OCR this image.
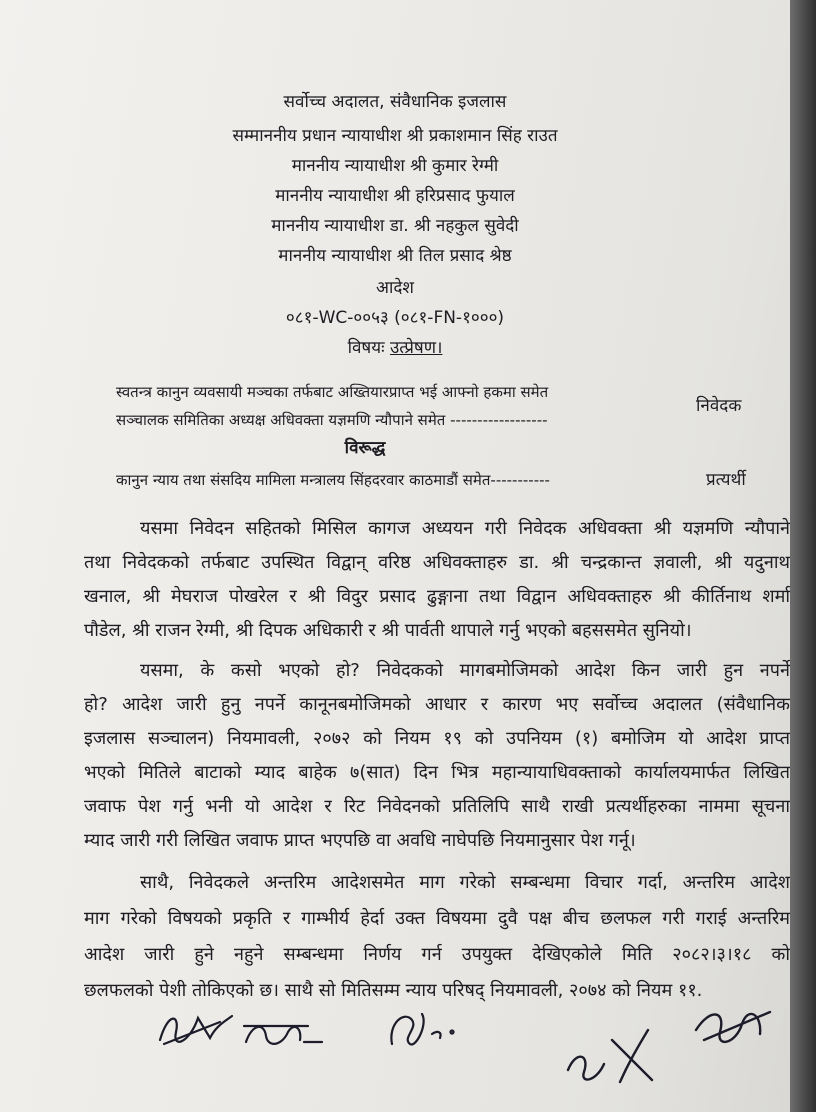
सर्वोच्च अदालत, संवैधानिक इजलास
सम्माननीय प्रधान न्यायाधीश श्री प्रकाशमान सिंह राउत
माननीय न्यायाधीश श्री कुमार रेग्मी
माननीय न्यायाधीश श्री हरिप्रसाद फुयाल
माननीय न्यायाधीश डा. श्री नहकुल सुवेदी
माननीय न्यायाधीश श्री तिल प्रसाद श्रेष्ठ
आदेश
०८१-WC-००५३ (०८१-FN-१०००)
विषयः उत्प्रेषण।
स्वतन्त्र कानुन व्यवसायी मञ्चका तर्फबाट अख्तियारप्राप्त भई आफ्नो हकमा समेत
सञ्चालक समितिका अध्यक्ष अधिवक्ता यज्ञमणि न्यौपाने समेत ------------------
निवेदक
विरूद्ध
कानुन न्याय तथा संसदिय मामिला मन्त्रालय सिंहदरवार काठमाडौं समेत-----------	प्रत्यर्थी
यसमा निवेदन सहितको मिसिल कागज अध्ययन गरी निवेदक अधिवक्ता श्री यज्ञमणि न्यौपाने
तथा निवेदकको तर्फबाट उपस्थित विद्वान् वरिष्ठ अधिवक्ताहरु डा. श्री चन्द्रकान्त ज्ञवाली, श्री यदुनाथ
खनाल, श्री मेघराज पोखरेल र श्री विदुर प्रसाद ढुङ्गाना तथा विद्वान अधिवक्ताहरु श्री कीर्तिनाथ शर्मा
पौडेल, श्री राजन रेग्मी, श्री दिपक अधिकारी र श्री पार्वती थापाले गर्नु भएको बहससमेत सुनियो।
यसमा, के कसो भएको हो? निवेदकको मागबमोजिमको आदेश किन जारी हुन नपर्ने
हो? आदेश जारी हुनु नपर्ने कानूनबमोजिमको आधार र कारण भए सर्वोच्च अदालत (संवैधानिक
इजलास सञ्चालन) नियमावली, २०७२ को नियम १९ को उपनियम (१) बमोजिम यो आदेश प्राप्त
भएको मितिले बाटाको म्याद बाहेक ७(सात) दिन भित्र महान्यायाधिवक्ताको कार्यालयमार्फत लिखित
जवाफ पेश गर्नु भनी यो आदेश र रिट निवेदनको प्रतिलिपि साथै राखी प्रत्यर्थीहरुका नाममा सूचना
म्याद जारी गरी लिखित जवाफ प्राप्त भएपछि वा अवधि नाघेपछि नियमानुसार पेश गर्नू।
साथै, निवेदकले अन्तरिम आदेशसमेत माग गरेको सम्बन्धमा विचार गर्दा, अन्तरिम आदेश
माग गरेको विषयको प्रकृति र गाम्भीर्य हेर्दा उक्त विषयमा दुवै पक्ष बीच छलफल गरी गराई अन्तरिम
आदेश जारी हुने नहुने सम्बन्धमा निर्णय गर्न उपयुक्त देखिएकोले मिति २०८२।३।१८ को
छलफलको पेशी तोकिएको छ। साथै सो मितिसम्म न्याय परिषद् नियमावली, २०७४ को नियम ११.
